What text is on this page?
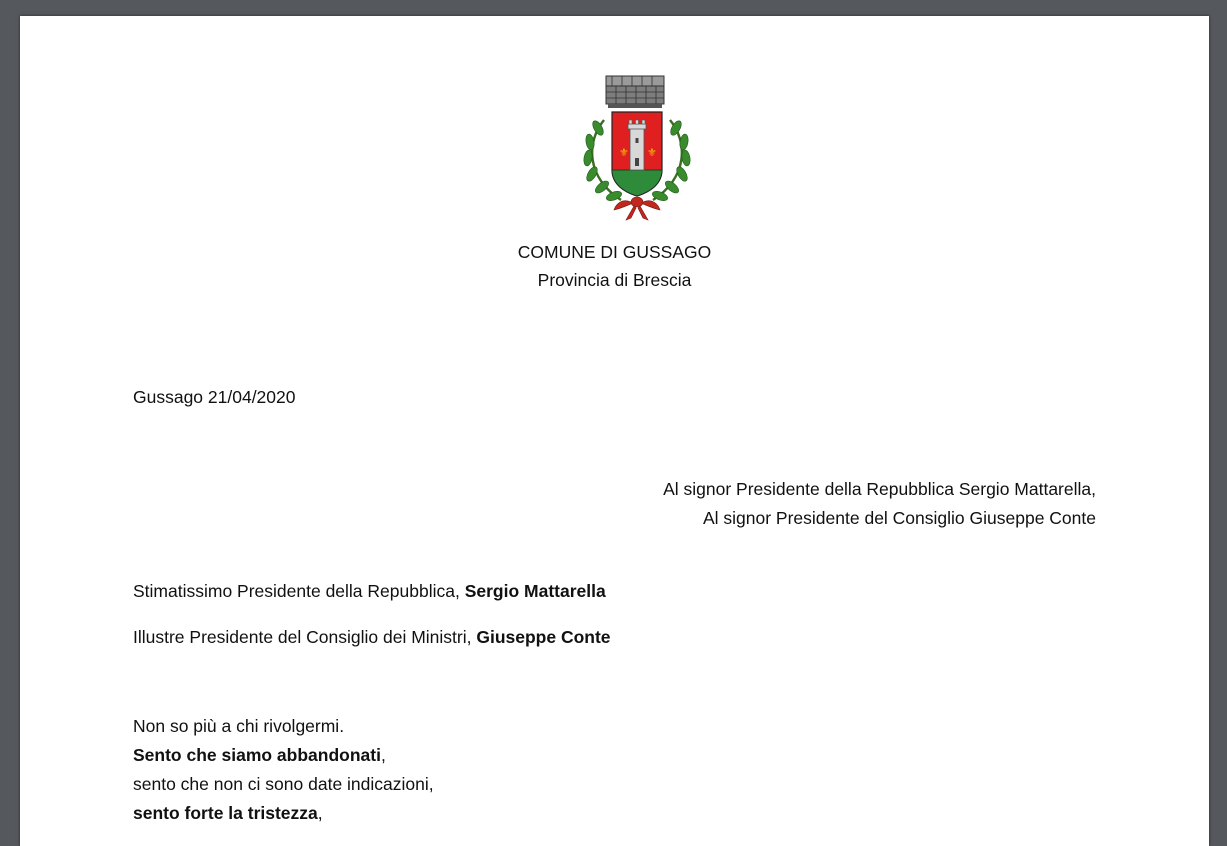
⚜ ⚜
COMUNE DI GUSSAGO
Provincia di Brescia
Gussago 21/04/2020
Al signor Presidente della Repubblica Sergio Mattarella,
Al signor Presidente del Consiglio Giuseppe Conte
Stimatissimo Presidente della Repubblica, Sergio Mattarella
Illustre Presidente del Consiglio dei Ministri, Giuseppe Conte
Non so più a chi rivolgermi.
Sento che siamo abbandonati,
sento che non ci sono date indicazioni,
sento forte la tristezza,
